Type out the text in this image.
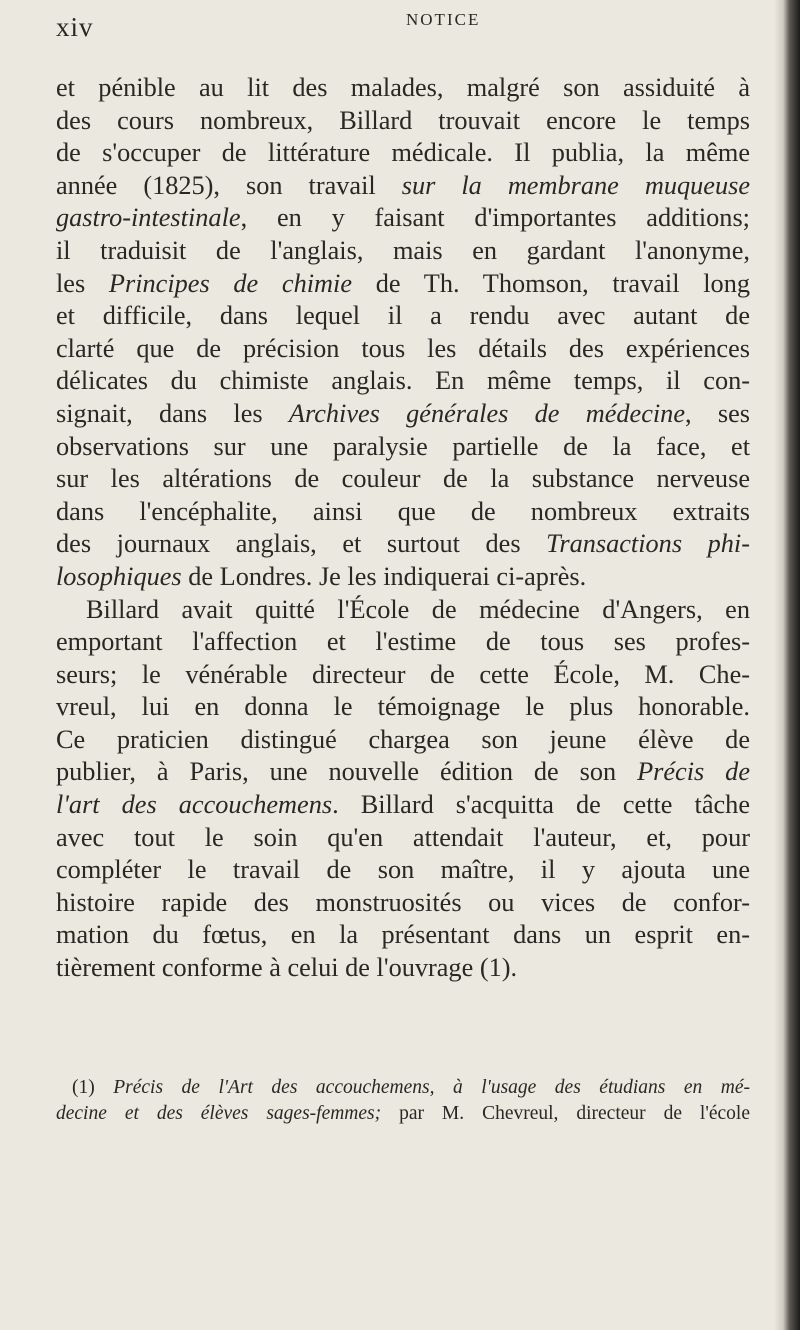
xiv	NOTICE
et pénible au lit des malades, malgré son assiduité à
des cours nombreux, Billard trouvait encore le temps
de s'occuper de littérature médicale. Il publia, la même
année (1825), son travail sur la membrane muqueuse
gastro-intestinale, en y faisant d'importantes additions;
il traduisit de l'anglais, mais en gardant l'anonyme,
les Principes de chimie de Th. Thomson, travail long
et difficile, dans lequel il a rendu avec autant de
clarté que de précision tous les détails des expériences
délicates du chimiste anglais. En même temps, il con-
signait, dans les Archives générales de médecine, ses
observations sur une paralysie partielle de la face, et
sur les altérations de couleur de la substance nerveuse
dans l'encéphalite, ainsi que de nombreux extraits
des journaux anglais, et surtout des Transactions phi-
losophiques de Londres. Je les indiquerai ci-après.
Billard avait quitté l'École de médecine d'Angers, en
emportant l'affection et l'estime de tous ses profes-
seurs; le vénérable directeur de cette École, M. Che-
vreul, lui en donna le témoignage le plus honorable.
Ce praticien distingué chargea son jeune élève de
publier, à Paris, une nouvelle édition de son Précis de
l'art des accouchemens. Billard s'acquitta de cette tâche
avec tout le soin qu'en attendait l'auteur, et, pour
compléter le travail de son maître, il y ajouta une
histoire rapide des monstruosités ou vices de confor-
mation du fœtus, en la présentant dans un esprit en-
tièrement conforme à celui de l'ouvrage (1).
(1) Précis de l'Art des accouchemens, à l'usage des étudians en mé-
decine et des élèves sages-femmes; par M. Chevreul, directeur de l'école
